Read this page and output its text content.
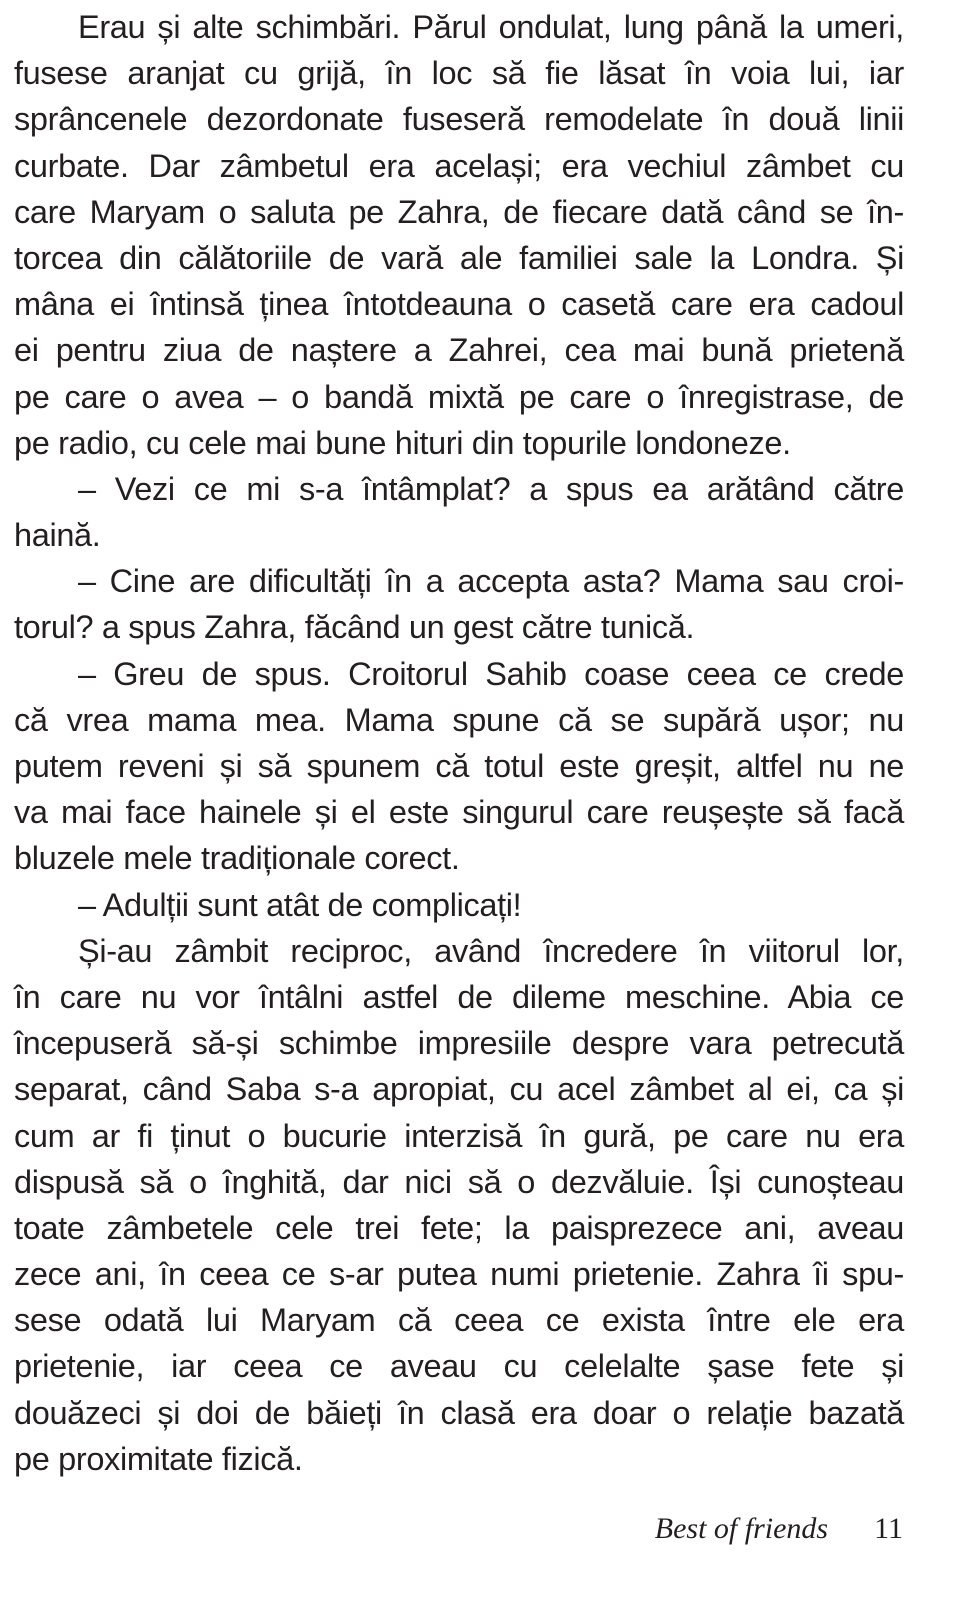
Erau și alte schimbări. Părul ondulat, lung până la umeri,
fusese aranjat cu grijă, în loc să fie lăsat în voia lui, iar
sprâncenele dezordonate fuseseră remodelate în două linii
curbate. Dar zâmbetul era același; era vechiul zâmbet cu
care Maryam o saluta pe Zahra, de fiecare dată când se în-
torcea din călătoriile de vară ale familiei sale la Londra. Și
mâna ei întinsă ținea întotdeauna o casetă care era cadoul
ei pentru ziua de naștere a Zahrei, cea mai bună prietenă
pe care o avea – o bandă mixtă pe care o înregistrase, de
pe radio, cu cele mai bune hituri din topurile londoneze.
– Vezi ce mi s-a întâmplat? a spus ea arătând către
haină.
– Cine are dificultăți în a accepta asta? Mama sau croi-
torul? a spus Zahra, făcând un gest către tunică.
– Greu de spus. Croitorul Sahib coase ceea ce crede
că vrea mama mea. Mama spune că se supără ușor; nu
putem reveni și să spunem că totul este greșit, altfel nu ne
va mai face hainele și el este singurul care reușește să facă
bluzele mele tradiționale corect.
– Adulții sunt atât de complicați!
Și-au zâmbit reciproc, având încredere în viitorul lor,
în care nu vor întâlni astfel de dileme meschine. Abia ce
începuseră să-și schimbe impresiile despre vara petrecută
separat, când Saba s-a apropiat, cu acel zâmbet al ei, ca și
cum ar fi ținut o bucurie interzisă în gură, pe care nu era
dispusă să o înghită, dar nici să o dezvăluie. Își cunoșteau
toate zâmbetele cele trei fete; la paisprezece ani, aveau
zece ani, în ceea ce s-ar putea numi prietenie. Zahra îi spu-
sese odată lui Maryam că ceea ce exista între ele era
prietenie, iar ceea ce aveau cu celelalte șase fete și
douăzeci și doi de băieți în clasă era doar o relație bazată
pe proximitate fizică.
Best of friends 11
